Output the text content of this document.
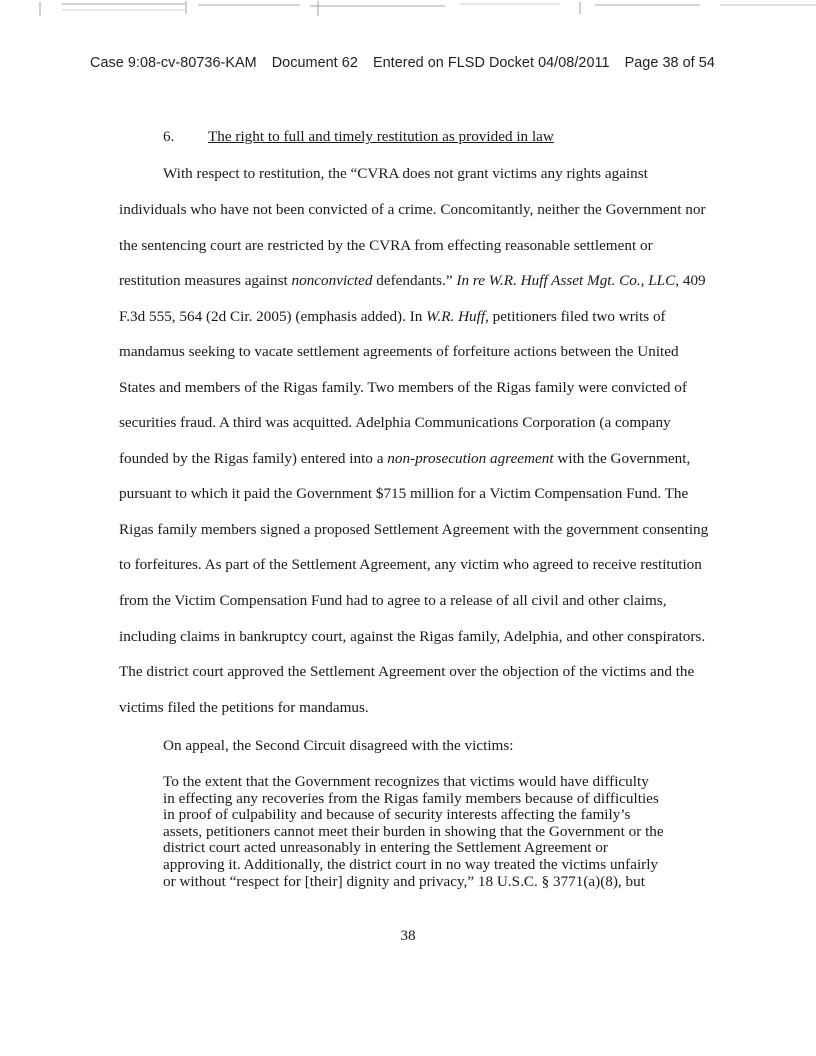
Case 9:08-cv-80736-KAM Document 62 Entered on FLSD Docket 04/08/2011 Page 38 of 54
6. The right to full and timely restitution as provided in law
With respect to restitution, the “CVRA does not grant victims any rights against
individuals who have not been convicted of a crime. Concomitantly, neither the Government nor
the sentencing court are restricted by the CVRA from effecting reasonable settlement or
restitution measures against nonconvicted defendants.” In re W.R. Huff Asset Mgt. Co., LLC, 409
F.3d 555, 564 (2d Cir. 2005) (emphasis added). In W.R. Huff, petitioners filed two writs of
mandamus seeking to vacate settlement agreements of forfeiture actions between the United
States and members of the Rigas family. Two members of the Rigas family were convicted of
securities fraud. A third was acquitted. Adelphia Communications Corporation (a company
founded by the Rigas family) entered into a non-prosecution agreement with the Government,
pursuant to which it paid the Government $715 million for a Victim Compensation Fund. The
Rigas family members signed a proposed Settlement Agreement with the government consenting
to forfeitures. As part of the Settlement Agreement, any victim who agreed to receive restitution
from the Victim Compensation Fund had to agree to a release of all civil and other claims,
including claims in bankruptcy court, against the Rigas family, Adelphia, and other conspirators.
The district court approved the Settlement Agreement over the objection of the victims and the
victims filed the petitions for mandamus.
On appeal, the Second Circuit disagreed with the victims:
To the extent that the Government recognizes that victims would have difficulty
in effecting any recoveries from the Rigas family members because of difficulties
in proof of culpability and because of security interests affecting the family’s
assets, petitioners cannot meet their burden in showing that the Government or the
district court acted unreasonably in entering the Settlement Agreement or
approving it. Additionally, the district court in no way treated the victims unfairly
or without “respect for [their] dignity and privacy,” 18 U.S.C. § 3771(a)(8), but
38
